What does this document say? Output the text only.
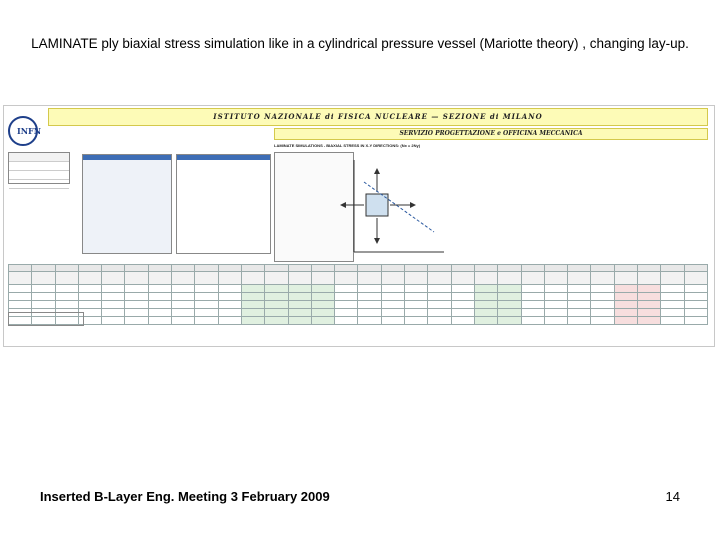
LAMINATE ply biaxial stress simulation like in a cylindrical pressure vessel (Mariotte theory) , changing lay-up.
INFN
ISTITUTO NAZIONALE di FISICA NUCLEARE — SEZIONE di MILANO
SERVIZIO PROGETTAZIONE e OFFICINA MECCANICA
LAMINATE SIMULATIONS - BIAXIAL STRESS IN X-Y DIRECTIONS: (Nx = 2Ny)

Inserted B-Layer Eng. Meeting 3 February 2009	14
